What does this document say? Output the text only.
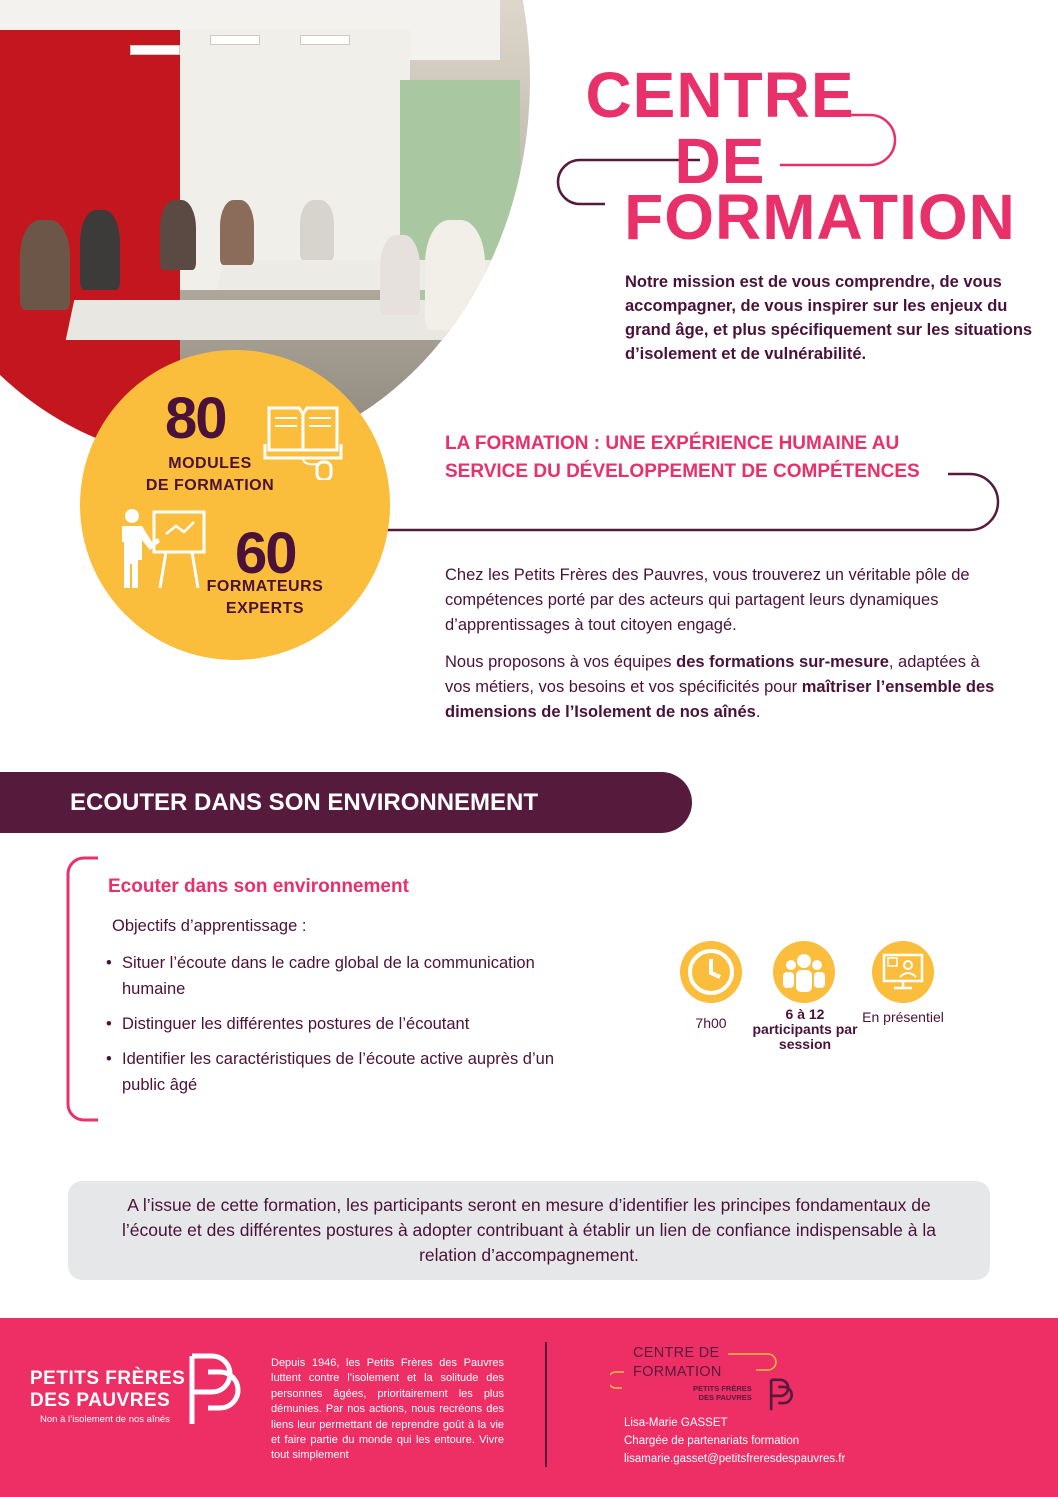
CENTRE
DE
FORMATION
Notre mission est de vous comprendre, de vous accompagner, de vous inspirer sur les enjeux du grand âge, et plus spécifiquement sur les situations d’isolement et de vulnérabilité.
80
MODULES
DE FORMATION
60
FORMATEURS
EXPERTS
LA FORMATION : UNE EXPÉRIENCE HUMAINE AU SERVICE DU DÉVELOPPEMENT DE COMPÉTENCES
Chez les Petits Frères des Pauvres, vous trouverez un véritable pôle de compétences porté par des acteurs qui partagent leurs dynamiques d’apprentissages à tout citoyen engagé.
Nous proposons à vos équipes des formations sur-mesure, adaptées à vos métiers, vos besoins et vos spécificités pour maîtriser l’ensemble des dimensions de l’Isolement de nos aînés.
ECOUTER DANS SON ENVIRONNEMENT
Ecouter dans son environnement
Objectifs d’apprentissage :
• Situer l’écoute dans le cadre global de la communication humaine
• Distinguer les différentes postures de l’écoutant
• Identifier les caractéristiques de l’écoute active auprès d’un public âgé
7h00
6 à 12 participants par session
En présentiel
A l’issue de cette formation, les participants seront en mesure d’identifier les principes fondamentaux de l’écoute et des différentes postures à adopter contribuant à établir un lien de confiance indispensable à la relation d’accompagnement.
PETITS FRÈRES
DES PAUVRES
Non à l’isolement de nos aînés
Depuis 1946, les Petits Frères des Pauvres luttent contre l’isolement et la solitude des personnes âgées, prioritairement les plus démunies. Par nos actions, nous recréons des liens leur permettant de reprendre goût à la vie et faire partie du monde qui les entoure. Vivre tout simplement
CENTRE DE
FORMATION
PETITS FRÈRES
DES PAUVRES
Lisa-Marie GASSET
Chargée de partenariats formation
lisamarie.gasset@petitsfreresdespauvres.fr
